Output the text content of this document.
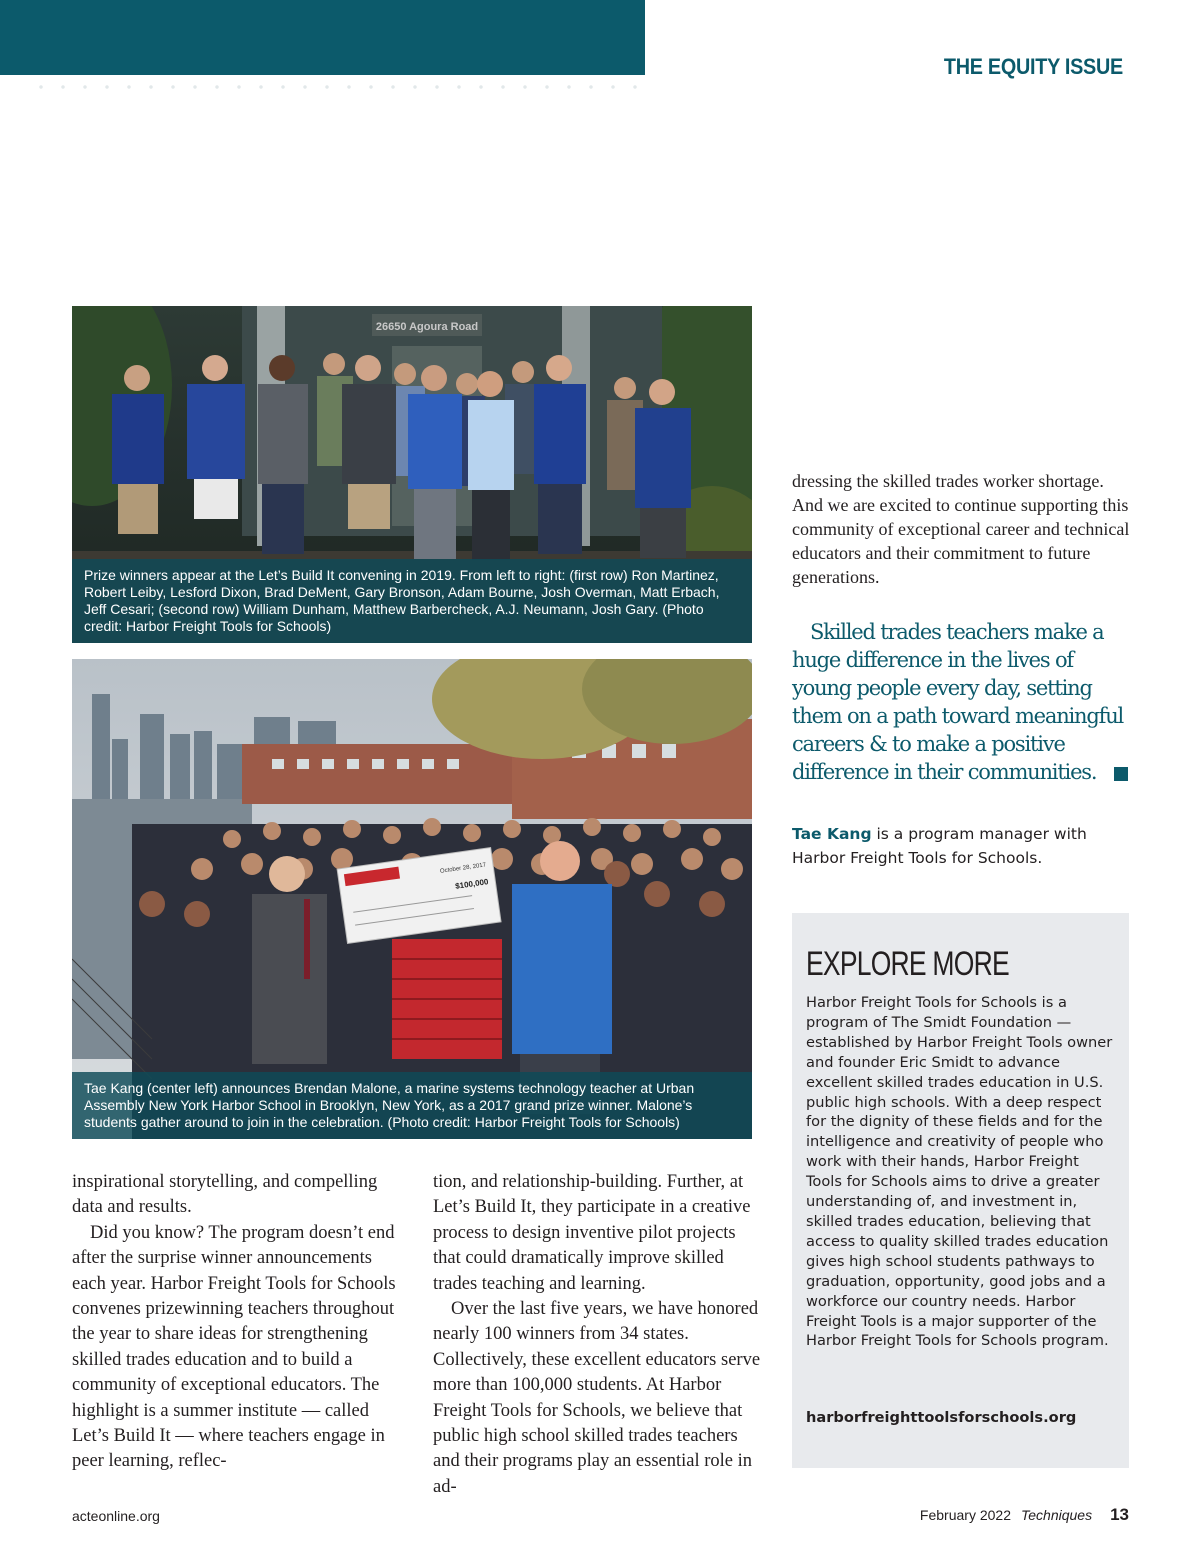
THE EQUITY ISSUE
26650 Agoura Road
Prize winners appear at the Let’s Build It convening in 2019. From left to right: (first row) Ron Martinez, Robert Leiby, Lesford Dixon, Brad DeMent, Gary Bronson, Adam Bourne, Josh Overman, Matt Erbach, Jeff Cesari; (second row) William Dunham, Matthew Barbercheck, A.J. Neumann, Josh Gary. (Photo credit: Harbor Freight Tools for Schools)
October 28, 2017
$100,000
Tae Kang (center left) announces Brendan Malone, a marine systems technology teacher at Urban Assembly New York Harbor School in Brooklyn, New York, as a 2017 grand prize winner. Malone’s students gather around to join in the celebration. (Photo credit: Harbor Freight Tools for Schools)
dressing the skilled trades worker shortage. And we are excited to continue supporting this community of exceptional career and technical educators and their commitment to future generations.
Skilled trades teachers make a huge difference in the lives of young people every day, setting them on a path toward meaningful careers & to make a positive difference in their communities.
Tae Kang is a program manager with Harbor Freight Tools for Schools.
EXPLORE MORE
Harbor Freight Tools for Schools is a program of The Smidt Foundation — established by Harbor Freight Tools owner and founder Eric Smidt to advance excellent skilled trades education in U.S. public high schools. With a deep respect for the dignity of these fields and for the intelligence and creativity of people who work with their hands, Harbor Freight Tools for Schools aims to drive a greater understanding of, and investment in, skilled trades education, believing that access to quality skilled trades education gives high school students pathways to graduation, opportunity, good jobs and a workforce our country needs. Harbor Freight Tools is a major supporter of the Harbor Freight Tools for Schools program.
harborfreighttoolsforschools.org

inspirational storytelling, and compelling data and results.

Did you know? The program doesn’t end after the surprise winner announcements each year. Harbor Freight Tools for Schools convenes prizewinning teachers throughout the year to share ideas for strengthening skilled trades education and to build a community of exceptional educators. The highlight is a summer institute — called Let’s Build It — where teachers engage in peer learning, reflec-

tion, and relationship-building. Further, at Let’s Build It, they participate in a creative process to design inventive pilot projects that could dramatically improve skilled trades teaching and learning.

Over the last five years, we have honored nearly 100 winners from 34 states. Collectively, these excellent educators serve more than 100,000 students. At Harbor Freight Tools for Schools, we believe that public high school skilled trades teachers and their programs play an essential role in ad-

acteonline.org	February 2022 Techniques 13
